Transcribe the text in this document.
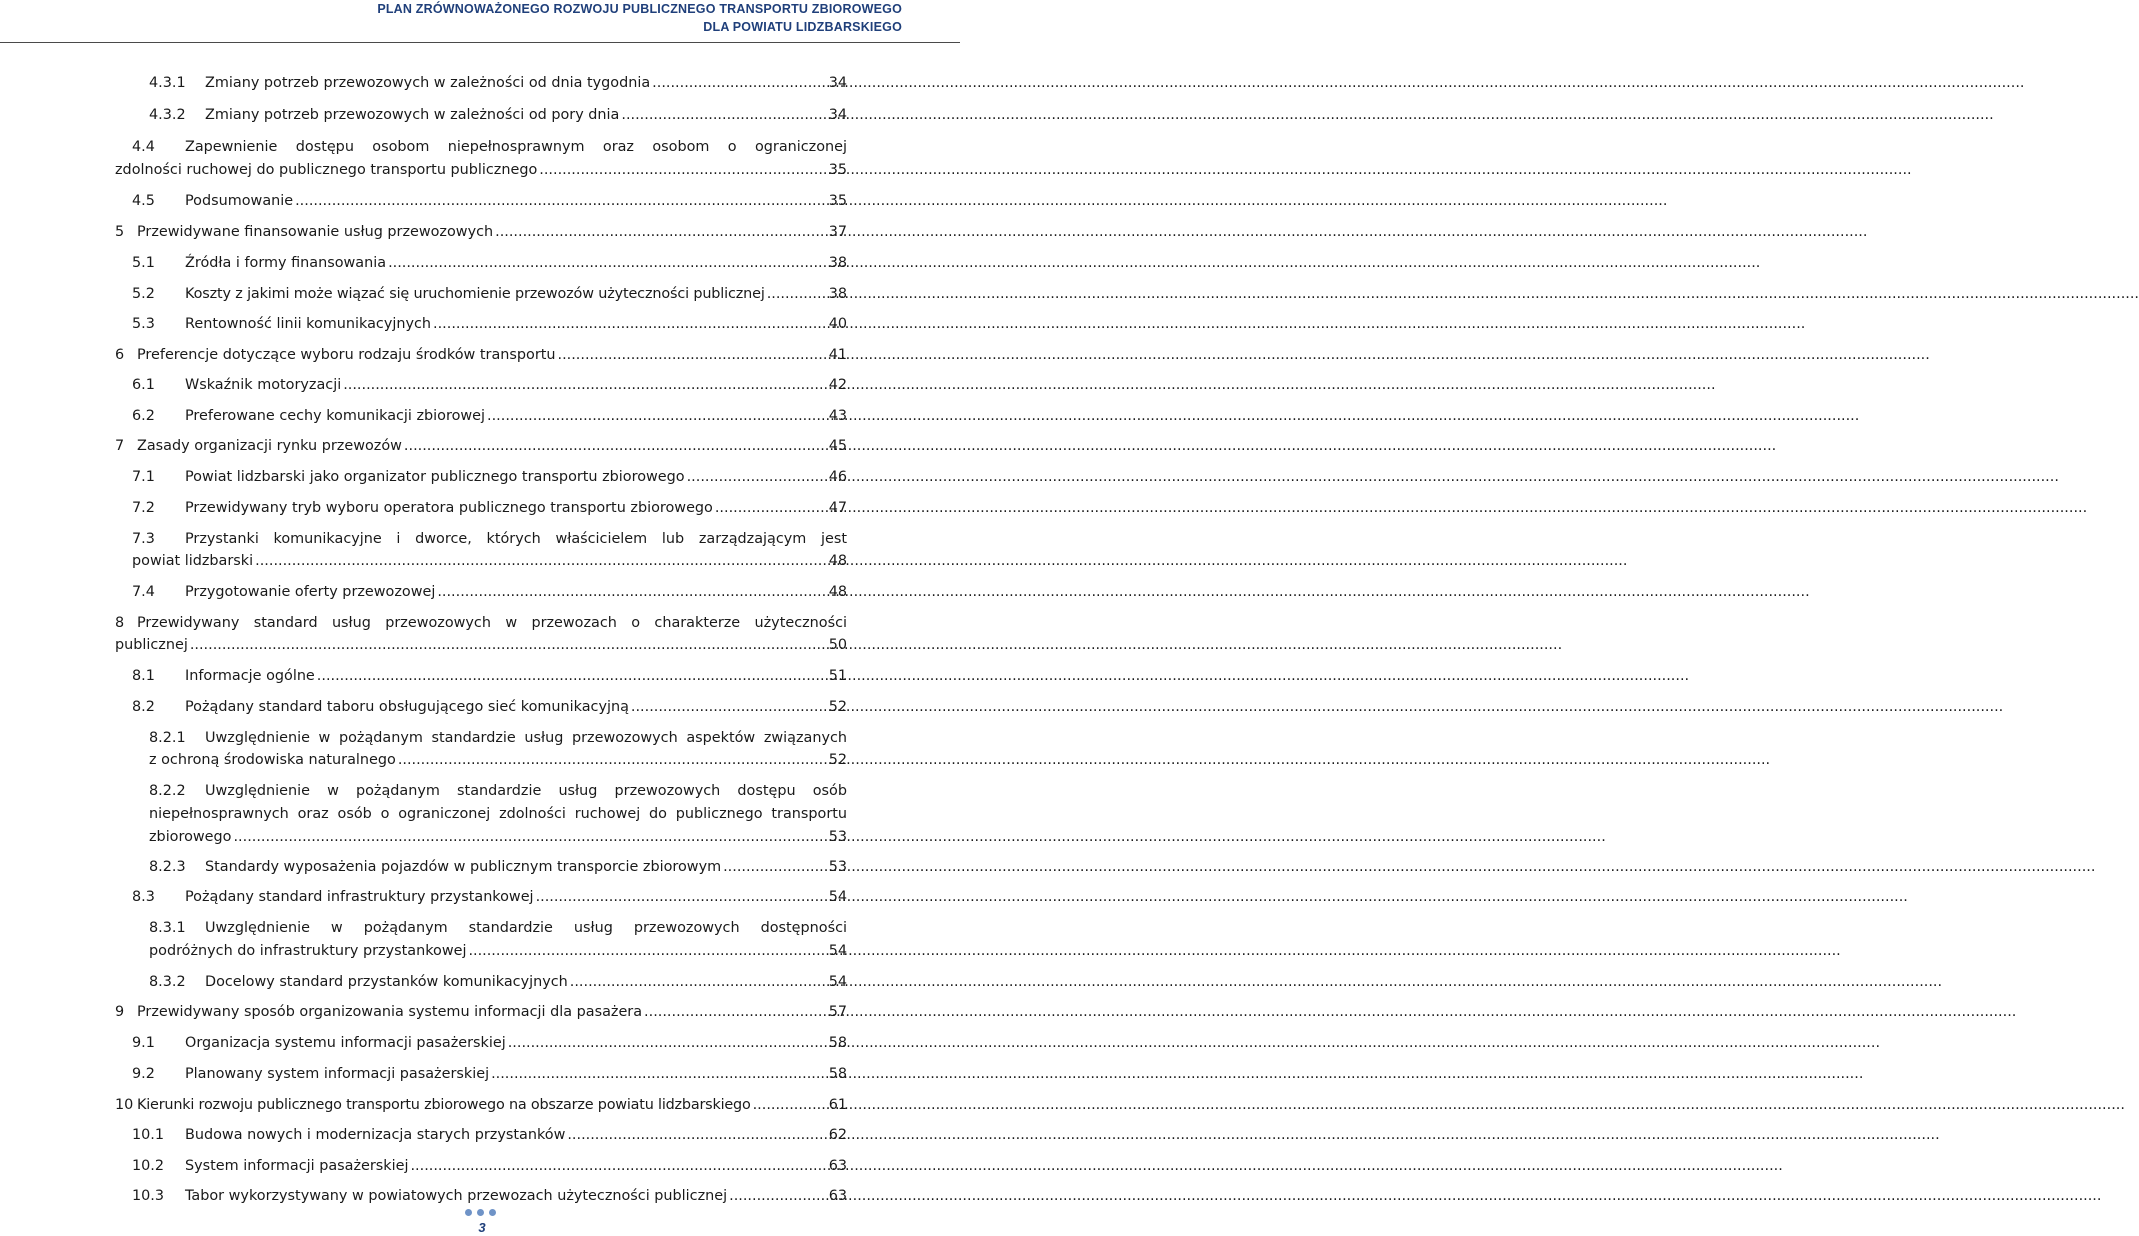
PLAN ZRÓWNOWAŻONEGO ROZWOJU PUBLICZNEGO TRANSPORTU ZBIOROWEGO
DLA POWIATU LIDZBARSKIEGO
4.3.1	Zmiany potrzeb przewozowych w zależności od dnia tygodnia .....	34
4.3.2	Zmiany potrzeb przewozowych w zależności od pory dnia .....	34
4.4 Zapewnienie dostępu osobom niepełnosprawnym oraz osobom o ograniczonej
zdolności ruchowej do publicznego transportu publicznego .....	35
4.5	Podsumowanie .....	35
5 Przewidywane finansowanie usług przewozowych .....	37
5.1	Źródła i formy finansowania .....	38
5.2	Koszty z jakimi może wiązać się uruchomienie przewozów użyteczności publicznej .....	38
5.3	Rentowność linii komunikacyjnych .....	40
6 Preferencje dotyczące wyboru rodzaju środków transportu .....	41
6.1	Wskaźnik motoryzacji .....	42
6.2	Preferowane cechy komunikacji zbiorowej .....	43
7 Zasady organizacji rynku przewozów .....	45
7.1	Powiat lidzbarski jako organizator publicznego transportu zbiorowego .....	46
7.2	Przewidywany tryb wyboru operatora publicznego transportu zbiorowego .....	47
7.3 Przystanki komunikacyjne i dworce, których właścicielem lub zarządzającym jest
powiat lidzbarski .....	48
7.4	Przygotowanie oferty przewozowej .....	48
8 Przewidywany standard usług przewozowych w przewozach o charakterze użyteczności
publicznej .....	50
8.1	Informacje ogólne .....	51
8.2	Pożądany standard taboru obsługującego sieć komunikacyjną .....	52
8.2.1 Uwzględnienie w pożądanym standardzie usług przewozowych aspektów związanych
z ochroną środowiska naturalnego .....	52
8.2.2 Uwzględnienie w pożądanym standardzie usług przewozowych dostępu osób
niepełnosprawnych oraz osób o ograniczonej zdolności ruchowej do publicznego transportu
zbiorowego .....	53
8.2.3	Standardy wyposażenia pojazdów w publicznym transporcie zbiorowym .....	53
8.3	Pożądany standard infrastruktury przystankowej .....	54
8.3.1 Uwzględnienie w pożądanym standardzie usług przewozowych dostępności
podróżnych do infrastruktury przystankowej .....	54
8.3.2	Docelowy standard przystanków komunikacyjnych .....	54
9 Przewidywany sposób organizowania systemu informacji dla pasażera .....	57
9.1	Organizacja systemu informacji pasażerskiej .....	58
9.2	Planowany system informacji pasażerskiej .....	58
10 Kierunki rozwoju publicznego transportu zbiorowego na obszarze powiatu lidzbarskiego .....	61
10.1	Budowa nowych i modernizacja starych przystanków .....	62
10.2	System informacji pasażerskiej .....	63
10.3	Tabor wykorzystywany w powiatowych przewozach użyteczności publicznej .....	63
3
